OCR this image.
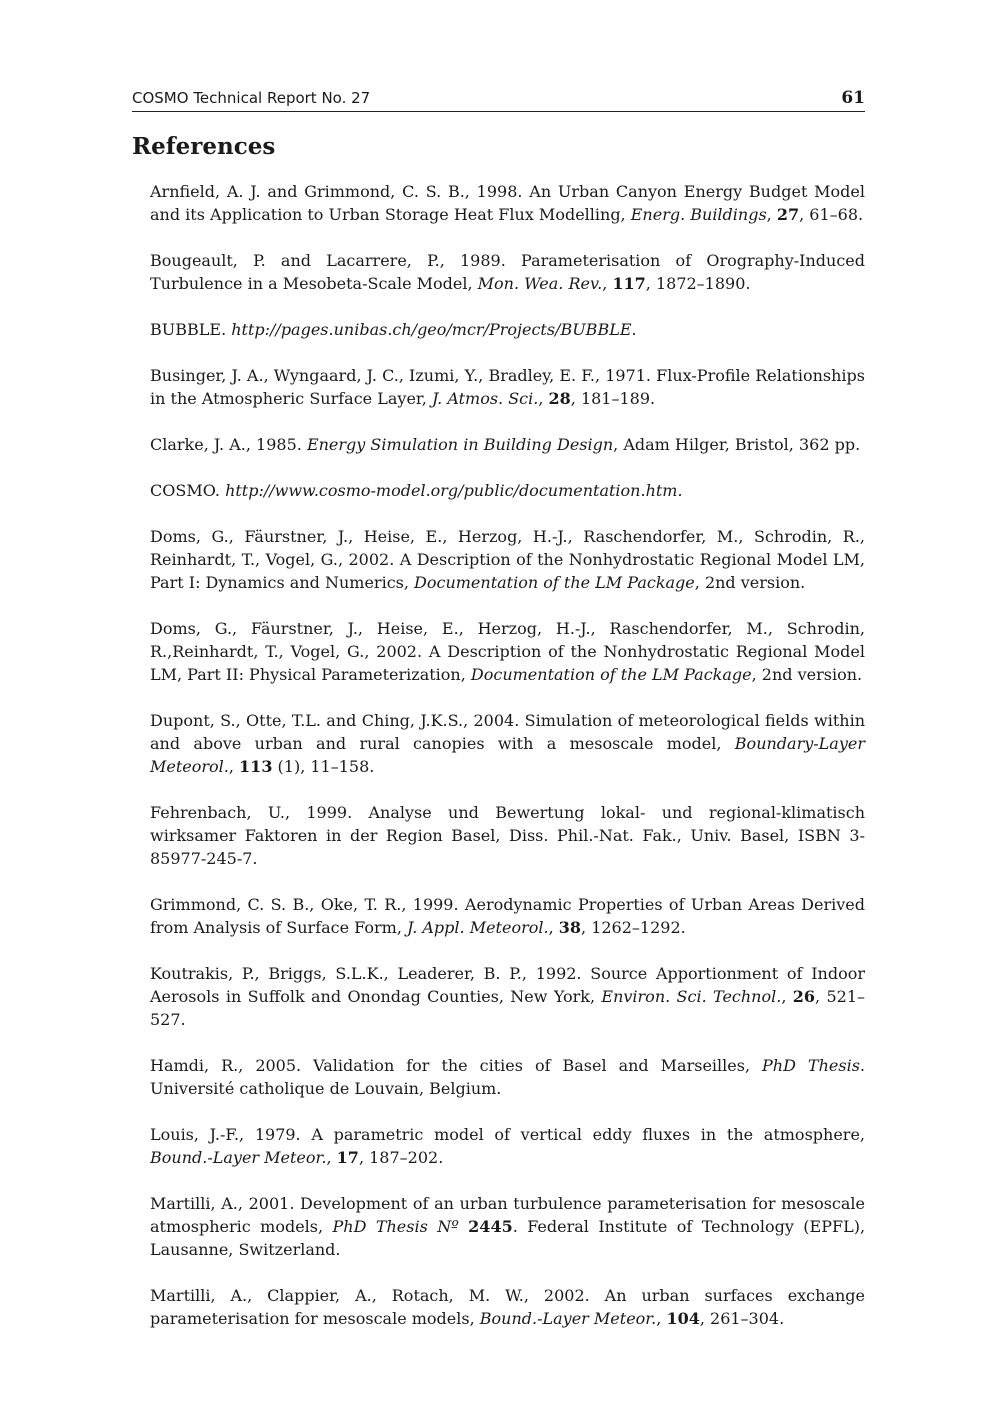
COSMO Technical Report No. 27	61
References

Arnfield, A. J. and Grimmond, C. S. B., 1998. An Urban Canyon Energy Budget Model and its Application to Urban Storage Heat Flux Modelling, Energ. Buildings, 27, 61–68.

Bougeault, P. and Lacarrere, P., 1989. Parameterisation of Orography-Induced Turbulence in a Mesobeta-Scale Model, Mon. Wea. Rev., 117, 1872–1890.

BUBBLE. http://pages.unibas.ch/geo/mcr/Projects/BUBBLE.

Businger, J. A., Wyngaard, J. C., Izumi, Y., Bradley, E. F., 1971. Flux-Profile Relationships in the Atmospheric Surface Layer, J. Atmos. Sci., 28, 181–189.

Clarke, J. A., 1985. Energy Simulation in Building Design, Adam Hilger, Bristol, 362 pp.

COSMO. http://www.cosmo-model.org/public/documentation.htm.

Doms, G., Fäurstner, J., Heise, E., Herzog, H.-J., Raschendorfer, M., Schrodin, R., Reinhardt, T., Vogel, G., 2002. A Description of the Nonhydrostatic Regional Model LM, Part I: Dynamics and Numerics, Documentation of the LM Package, 2nd version.

Doms, G., Fäurstner, J., Heise, E., Herzog, H.-J., Raschendorfer, M., Schrodin, R.,Reinhardt, T., Vogel, G., 2002. A Description of the Nonhydrostatic Regional Model LM, Part II: Physical Parameterization, Documentation of the LM Package, 2nd version.

Dupont, S., Otte, T.L. and Ching, J.K.S., 2004. Simulation of meteorological fields within and above urban and rural canopies with a mesoscale model, Boundary-Layer Meteorol., 113 (1), 11–158.

Fehrenbach, U., 1999. Analyse und Bewertung lokal- und regional-klimatisch wirksamer Faktoren in der Region Basel, Diss. Phil.-Nat. Fak., Univ. Basel, ISBN 3-85977-245-7.

Grimmond, C. S. B., Oke, T. R., 1999. Aerodynamic Properties of Urban Areas Derived from Analysis of Surface Form, J. Appl. Meteorol., 38, 1262–1292.

Koutrakis, P., Briggs, S.L.K., Leaderer, B. P., 1992. Source Apportionment of Indoor Aerosols in Suffolk and Onondag Counties, New York, Environ. Sci. Technol., 26, 521–527.

Hamdi, R., 2005. Validation for the cities of Basel and Marseilles, PhD Thesis. Université catholique de Louvain, Belgium.

Louis, J.-F., 1979. A parametric model of vertical eddy fluxes in the atmosphere, Bound.-Layer Meteor., 17, 187–202.

Martilli, A., 2001. Development of an urban turbulence parameterisation for mesoscale atmospheric models, PhD Thesis Nº 2445. Federal Institute of Technology (EPFL), Lausanne, Switzerland.

Martilli, A., Clappier, A., Rotach, M. W., 2002. An urban surfaces exchange parameterisation for mesoscale models, Bound.-Layer Meteor., 104, 261–304.
